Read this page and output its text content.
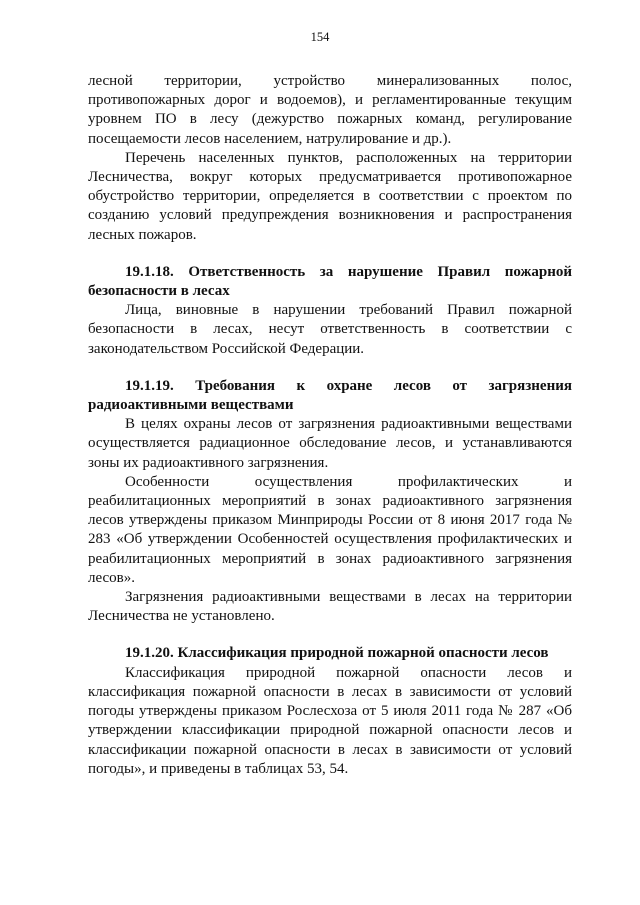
154

лесной территории, устройство минерализованных полос, противопожарных дорог и водоемов), и регламентированные текущим уровнем ПО в лесу (дежурство пожарных команд, регулирование посещаемости лесов населением, натрулирование и др.).

Перечень населенных пунктов, расположенных на территории Лесничества, вокруг которых предусматривается противопожарное обустройство территории, определяется в соответствии с проектом по созданию условий предупреждения возникновения и распространения лесных пожаров.

19.1.18. Ответственность за нарушение Правил пожарной безопасности в лесах

Лица, виновные в нарушении требований Правил пожарной безопасности в лесах, несут ответственность в соответствии с законодательством Российской Федерации.

19.1.19. Требования к охране лесов от загрязнения радиоактивными веществами

В целях охраны лесов от загрязнения радиоактивными веществами осуществляется радиационное обследование лесов, и устанавливаются зоны их радиоактивного загрязнения.

Особенности осуществления профилактических и реабилитационных мероприятий в зонах радиоактивного загрязнения лесов утверждены приказом Минприроды России от 8 июня 2017 года № 283 «Об утверждении Особенностей осуществления профилактических и реабилитационных мероприятий в зонах радиоактивного загрязнения лесов».

Загрязнения радиоактивными веществами в лесах на территории Лесничества не установлено.

19.1.20. Классификация природной пожарной опасности лесов

Классификация природной пожарной опасности лесов и классификация пожарной опасности в лесах в зависимости от условий погоды утверждены приказом Рослесхоза от 5 июля 2011 года № 287 «Об утверждении классификации природной пожарной опасности лесов и классификации пожарной опасности в лесах в зависимости от условий погоды», и приведены в таблицах 53, 54.
